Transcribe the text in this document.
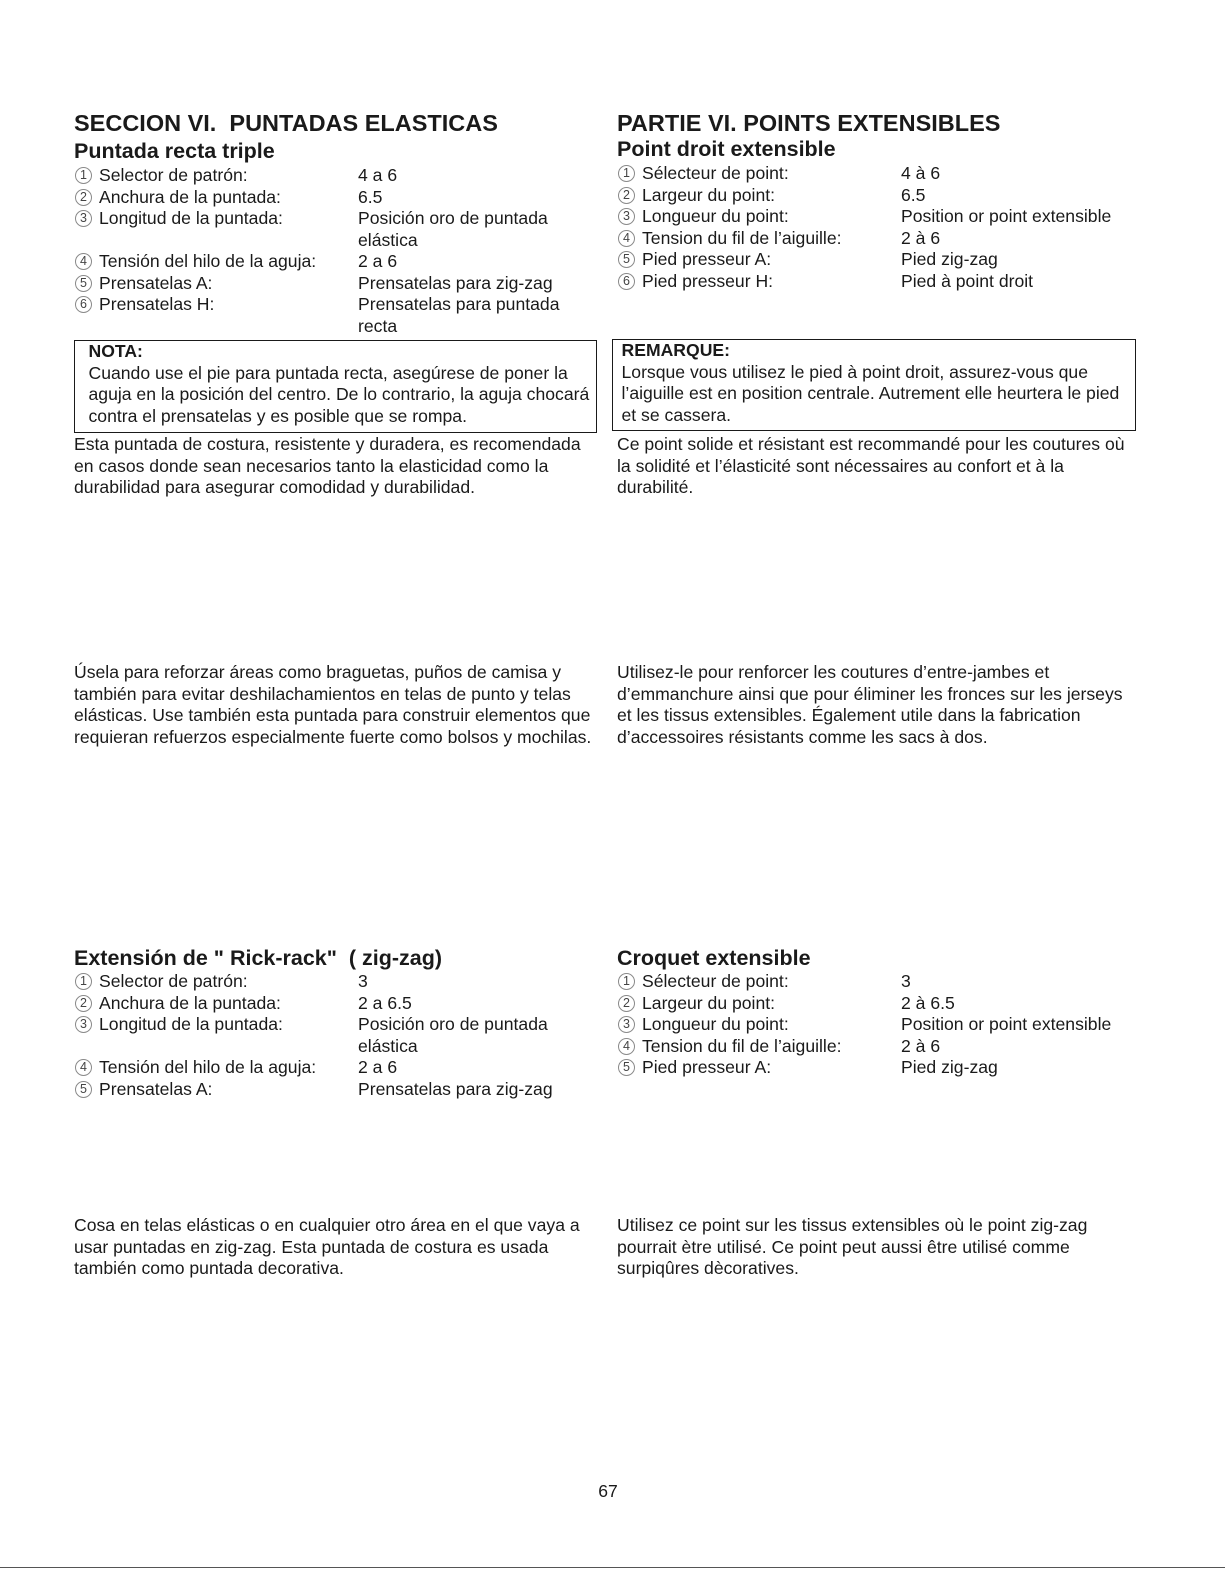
SECCION VI.  PUNTADAS ELASTICAS
Puntada recta triple
1 Selector de patrón:	4 a 6
2 Anchura de la puntada:	6.5
3 Longitud de la puntada:	Posición oro de puntada elástica
4 Tensión del hilo de la aguja:	2 a 6
5 Prensatelas A:	Prensatelas para zig-zag
6 Prensatelas H:	Prensatelas para puntada recta
NOTA:
Cuando use el pie para puntada recta, asegúrese de poner la
aguja en la posición del centro. De lo contrario, la aguja chocará
contra el prensatelas y es posible que se rompa.
Esta puntada de costura, resistente y duradera, es recomendada
en casos donde sean necesarios tanto la elasticidad como la
durabilidad para asegurar comodidad y durabilidad.
Úsela para reforzar áreas como braguetas, puños de camisa y
también para evitar deshilachamientos en telas de punto y telas
elásticas. Use también esta puntada para construir elementos que
requieran refuerzos especialmente fuerte como bolsos y mochilas.
Extensión de " Rick-rack"  ( zig-zag)
1 Selector de patrón:	3
2 Anchura de la puntada:	2 a 6.5
3 Longitud de la puntada:	Posición oro de puntada elástica
4 Tensión del hilo de la aguja:	2 a 6
5 Prensatelas A:	Prensatelas para zig-zag
Cosa en telas elásticas o en cualquier otro área en el que vaya a
usar puntadas en zig-zag. Esta puntada de costura es usada
también como puntada decorativa.
PARTIE VI. POINTS EXTENSIBLES
Point droit extensible
1 Sélecteur de point:	4 à 6
2 Largeur du point:	6.5
3 Longueur du point:	Position or point extensible
4 Tension du fil de l’aiguille:	2 à 6
5 Pied presseur A:	Pied zig-zag
6 Pied presseur H:	Pied à point droit
REMARQUE:
Lorsque vous utilisez le pied à point droit, assurez-vous que
l’aiguille est en position centrale. Autrement elle heurtera le pied
et se cassera.
Ce point solide et résistant est recommandé pour les coutures où
la solidité et l’élasticité sont nécessaires au confort et à la
durabilité.
Utilisez-le pour renforcer les coutures d’entre-jambes et
d’emmanchure ainsi que pour éliminer les fronces sur les jerseys
et les tissus extensibles. Également utile dans la fabrication
d’accessoires résistants comme les sacs à dos.
Croquet extensible
1 Sélecteur de point:	3
2 Largeur du point:	2 à 6.5
3 Longueur du point:	Position or point extensible
4 Tension du fil de l’aiguille:	2 à 6
5 Pied presseur A:	Pied zig-zag
Utilisez ce point sur les tissus extensibles où le point zig-zag
pourrait ètre utilisé. Ce point peut aussi être utilisé comme
surpiqûres dècoratives.
67
